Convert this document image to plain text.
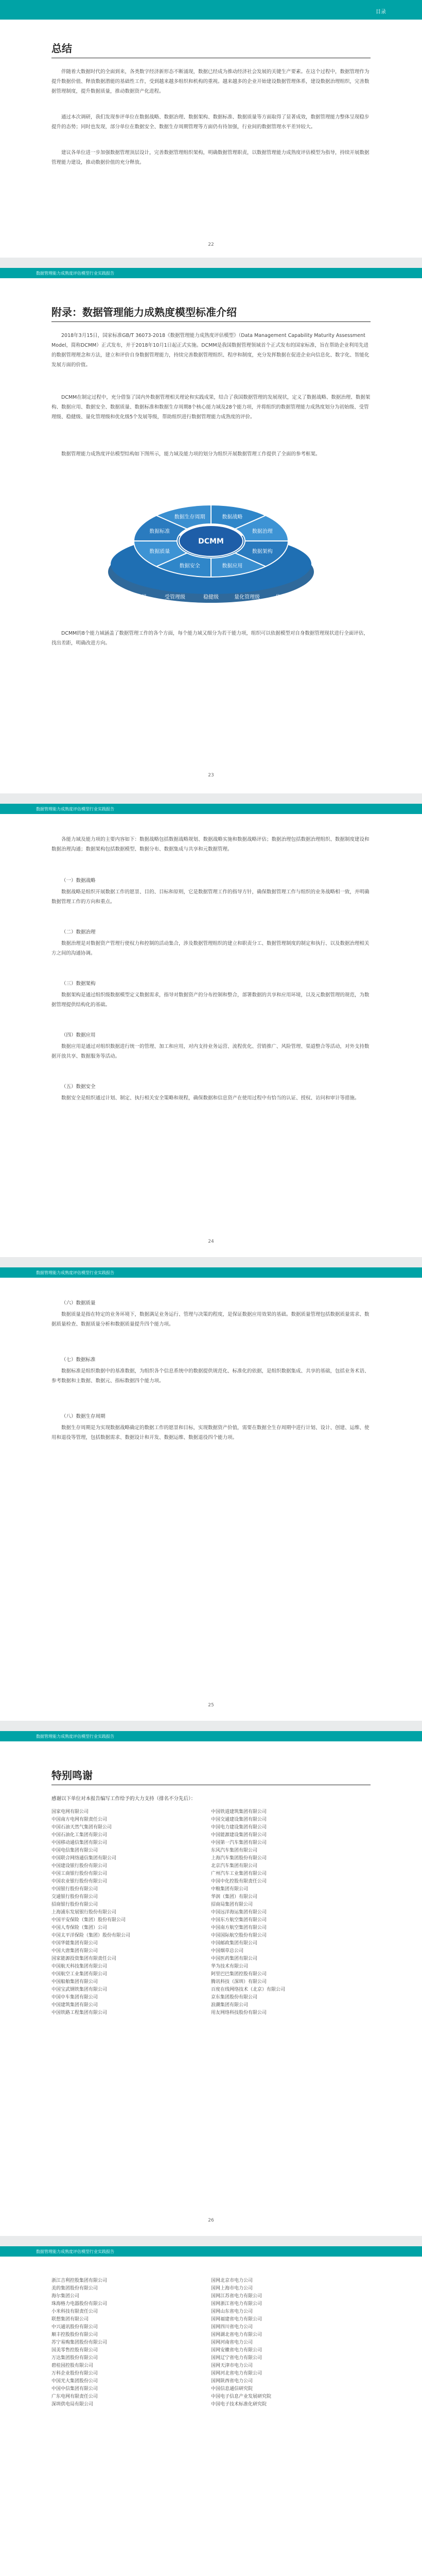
目录
总结

伴随着大数据时代的全面到来，各类数字经济新形态不断涌现，数据已经成为推动经济社会发展的关键生产要素。在这个过程中，数据管理作为提升数据价值、释放数据潜能的基础性工作，受到越来越多组织和机构的重视。越来越多的企业开始建设数据管理体系，建设数据治理组织，完善数据管理制度，提升数据质量，推动数据资产化进程。

通过本次调研，我们发现参评单位在数据战略、数据治理、数据架构、数据标准、数据质量等方面取得了显著成效，数据管理能力整体呈现稳步提升的态势；同时也发现，部分单位在数据安全、数据生存周期管理等方面仍有待加强，行业间的数据管理水平差异较大。

建议各单位进一步加强数据管理顶层设计，完善数据管理组织架构，明确数据管理职责，以数据管理能力成熟度评估模型为指导，持续开展数据管理能力建设，推动数据价值的充分释放。

22
数据管理能力成熟度评估模型行业实践报告
附录：数据管理能力成熟度模型标准介绍

2018年3月15日，国家标准GB/T 36073-2018《数据管理能力成熟度评估模型》（Data Management Capability Maturity Assessment Model，简称DCMM）正式发布，并于2018年10月1日起正式实施。DCMM是我国数据管理领域首个正式发布的国家标准，旨在帮助企业利用先进的数据管理理念和方法，建立和评价自身数据管理能力，持续完善数据管理组织、程序和制度，充分发挥数据在促进企业向信息化、数字化、智能化发展方面的价值。

DCMM在制定过程中，充分借鉴了国内外数据管理相关理论和实践成果，结合了我国数据管理的发展现状，定义了数据战略、数据治理、数据架构、数据应用、数据安全、数据质量、数据标准和数据生存周期8个核心能力域及28个能力项，并将组织的数据管理能力成熟度划分为初始级、受管理级、稳健级、量化管理级和优化级5个发展等级，帮助组织进行数据管理能力成熟度的评价。

数据管理能力成熟度评估模型结构如下图所示，能力域及能力项的划分为组织开展数据管理工作提供了全面的参考框架。

数据战略
数据治理
数据架构
数据应用
数据安全
数据质量
数据标准
数据生存周期
DCMM
初始级	受管理级	稳健级	量化管理级	优化级

DCMM的8个能力域涵盖了数据管理工作的各个方面，每个能力域又细分为若干能力项，组织可以依据模型对自身数据管理现状进行全面评估，找出差距，明确改进方向。

23
数据管理能力成熟度评估模型行业实践报告

各能力域及能力项的主要内容如下：数据战略包括数据战略规划、数据战略实施和数据战略评估；数据治理包括数据治理组织、数据制度建设和数据治理沟通；数据架构包括数据模型、数据分布、数据集成与共享和元数据管理。

（一）数据战略

数据战略是组织开展数据工作的愿景、目的、目标和原则，它是数据管理工作的指导方针，确保数据管理工作与组织的业务战略相一致，并明确数据管理工作的方向和重点。

（二）数据治理

数据治理是对数据资产管理行使权力和控制的活动集合，涉及数据管理组织的建立和职责分工、数据管理制度的制定和执行、以及数据治理相关方之间的沟通协调。

（三）数据架构

数据架构是通过组织级数据模型定义数据需求，指导对数据资产的分布控制和整合，部署数据的共享和应用环境，以及元数据管理的规范，为数据管理提供结构化的基础。

（四）数据应用

数据应用是通过对组织数据进行统一的管理、加工和应用，对内支持业务运营、流程优化、营销推广、风险管理、渠道整合等活动，对外支持数据开放共享、数据服务等活动。

（五）数据安全

数据安全是组织通过计划、制定、执行相关安全策略和规程，确保数据和信息资产在使用过程中有恰当的认证、授权、访问和审计等措施。

24
数据管理能力成熟度评估模型行业实践报告

（六）数据质量

数据质量是指在特定的业务环境下，数据满足业务运行、管理与决策的程度，是保证数据应用效果的基础。数据质量管理包括数据质量需求、数据质量检查、数据质量分析和数据质量提升四个能力项。

（七）数据标准

数据标准是组织数据中的基准数据，为组织各个信息系统中的数据提供规范化、标准化的依据，是组织数据集成、共享的基础，包括业务术语、参考数据和主数据、数据元、指标数据四个能力项。

（八）数据生存周期

数据生存周期是为实现数据战略确定的数据工作的愿景和目标，实现数据资产价值，需要在数据全生存周期中进行计划、设计、创建、运维、使用和退役等管理，包括数据需求、数据设计和开发、数据运维、数据退役四个能力项。

25
数据管理能力成熟度评估模型行业实践报告
特别鸣谢

感谢以下单位对本报告编写工作给予的大力支持（排名不分先后）：

国家电网有限公司	中国铁道建筑集团有限公司
中国南方电网有限责任公司	中国交通建设集团有限公司
中国石油天然气集团有限公司	中国电力建设集团有限公司
中国石油化工集团有限公司	中国能源建设集团有限公司
中国移动通信集团有限公司	中国第一汽车集团有限公司
中国电信集团有限公司	东风汽车集团有限公司
中国联合网络通信集团有限公司	上海汽车集团股份有限公司
中国建设银行股份有限公司	北京汽车集团有限公司
中国工商银行股份有限公司	广州汽车工业集团有限公司
中国农业银行股份有限公司	中国中化控股有限责任公司
中国银行股份有限公司	中粮集团有限公司
交通银行股份有限公司	华润（集团）有限公司
招商银行股份有限公司	招商局集团有限公司
上海浦东发展银行股份有限公司	中国远洋海运集团有限公司
中国平安保险（集团）股份有限公司	中国东方航空集团有限公司
中国人寿保险（集团）公司	中国南方航空集团有限公司
中国太平洋保险（集团）股份有限公司	中国国际航空股份有限公司
中国华能集团有限公司	中国邮政集团有限公司
中国大唐集团有限公司	中国烟草总公司
国家能源投资集团有限责任公司	中国医药集团有限公司
中国航天科技集团有限公司	华为技术有限公司
中国航空工业集团有限公司	阿里巴巴集团控股有限公司
中国船舶集团有限公司	腾讯科技（深圳）有限公司
中国宝武钢铁集团有限公司	百度在线网络技术（北京）有限公司
中国中车集团有限公司	京东集团股份有限公司
中国建筑集团有限公司	浪潮集团有限公司
中国铁路工程集团有限公司	用友网络科技股份有限公司
26
数据管理能力成熟度评估模型行业实践报告
浙江吉利控股集团有限公司	国网北京市电力公司
美的集团股份有限公司	国网上海市电力公司
海尔集团公司	国网江苏省电力有限公司
珠海格力电器股份有限公司	国网浙江省电力有限公司
小米科技有限责任公司	国网山东省电力公司
联想集团有限公司	国网福建省电力有限公司
中兴通讯股份有限公司	国网四川省电力公司
顺丰控股股份有限公司	国网湖北省电力有限公司
苏宁易购集团股份有限公司	国网河南省电力公司
国美零售控股有限公司	国网安徽省电力有限公司
万达集团股份有限公司	国网辽宁省电力有限公司
碧桂园控股有限公司	国网天津市电力公司
万科企业股份有限公司	国网河北省电力有限公司
中国光大集团股份公司	国网陕西省电力公司
中国中信集团有限公司	中国信息通信研究院
广东电网有限责任公司	中国电子信息产业发展研究院
深圳供电局有限公司	中国电子技术标准化研究院
